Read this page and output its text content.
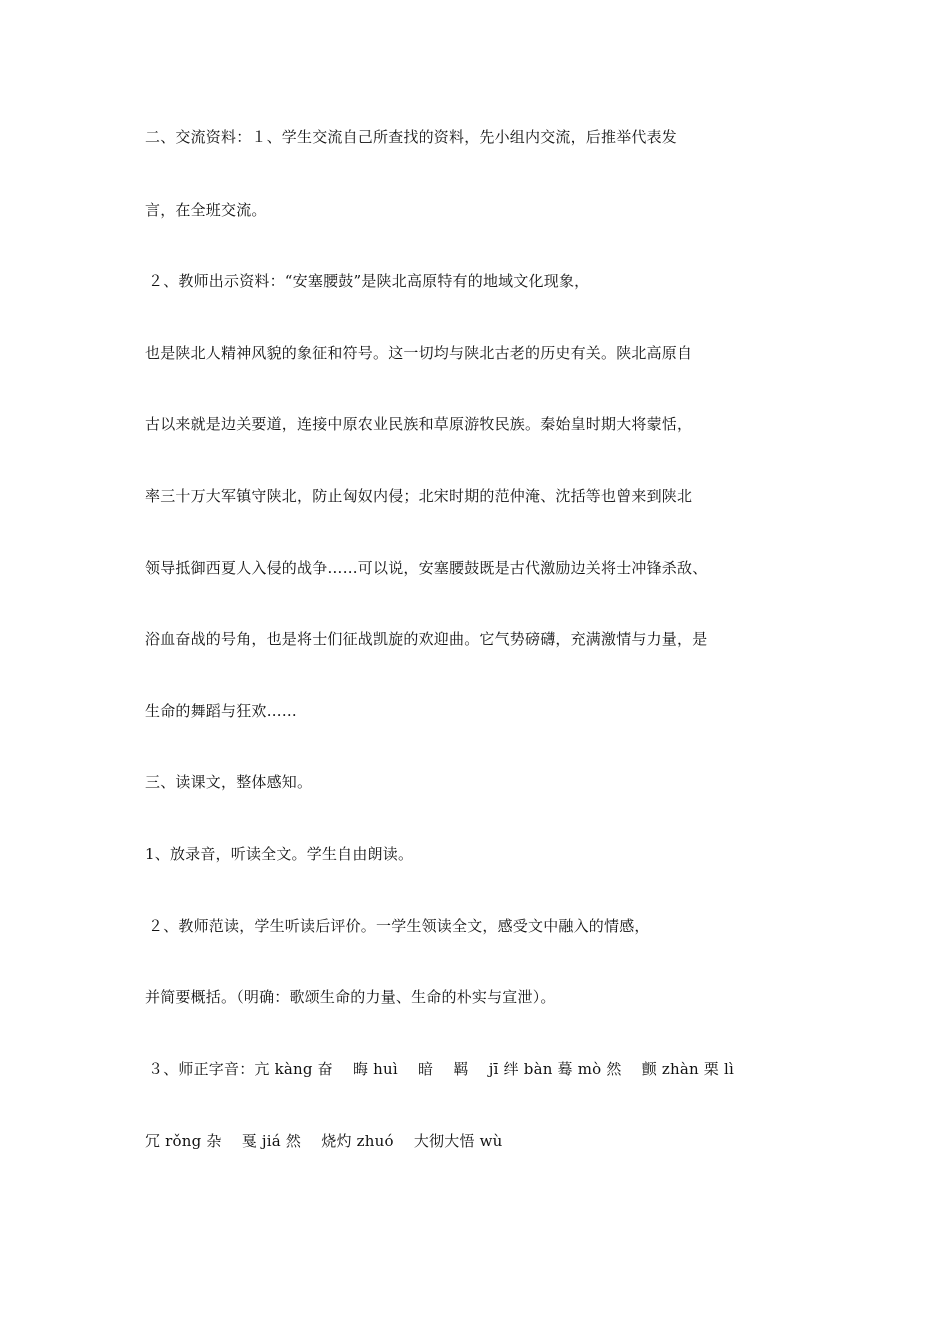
二、交流资料：１、学生交流自己所查找的资料，先小组内交流，后推举代表发
言，在全班交流。
２、教师出示资料：“安塞腰鼓”是陕北高原特有的地域文化现象，
也是陕北人精神风貌的象征和符号。这一切均与陕北古老的历史有关。陕北高原自
古以来就是边关要道，连接中原农业民族和草原游牧民族。秦始皇时期大将蒙恬，
率三十万大军镇守陕北，防止匈奴内侵；北宋时期的范仲淹、沈括等也曾来到陕北
领导抵御西夏人入侵的战争……可以说，安塞腰鼓既是古代激励边关将士冲锋杀敌、
浴血奋战的号角，也是将士们征战凯旋的欢迎曲。它气势磅礴，充满激情与力量，是
生命的舞蹈与狂欢……
三、读课文，整体感知。
1、放录音，听读全文。学生自由朗读。
２、教师范读，学生听读后评价。一学生领读全文，感受文中融入的情感，
并简要概括。（明确：歌颂生命的力量、生命的朴实与宣泄）。
３、师正字音：亢 kàng 奋　 晦 huì　 暗　 羁　 jī 绊 bàn 蓦 mò 然　 颤 zhàn 栗 lì
冗 rǒng 杂　 戛 jiá 然　 烧灼 zhuó　 大彻大悟 wù
